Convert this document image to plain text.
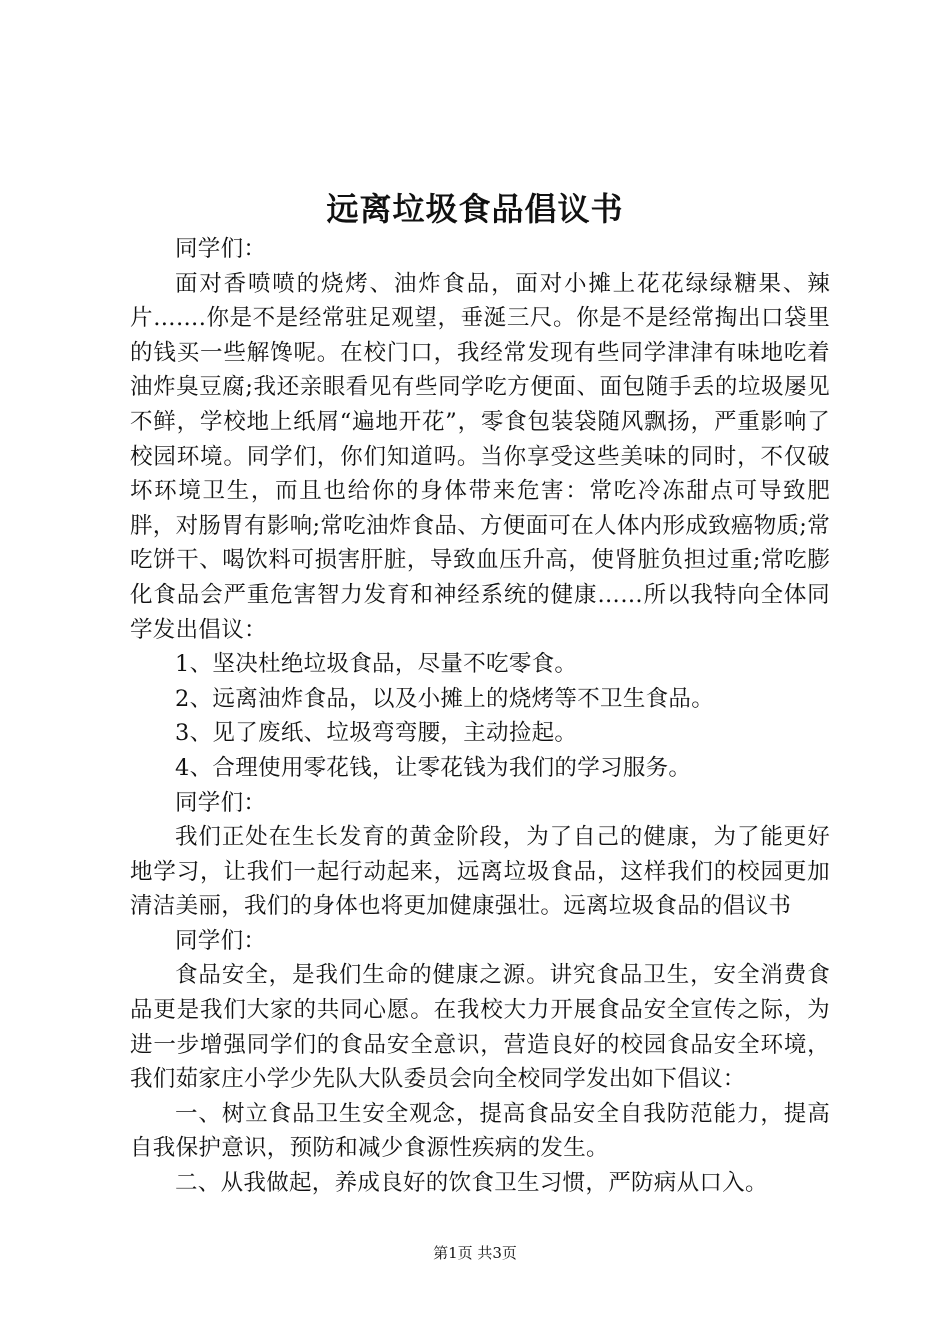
远离垃圾食品倡议书

同学们：

面对香喷喷的烧烤、油炸食品，面对小摊上花花绿绿糖果、辣片…….你是不是经常驻足观望，垂涎三尺。你是不是经常掏出口袋里的钱买一些解馋呢。在校门口，我经常发现有些同学津津有味地吃着油炸臭豆腐;我还亲眼看见有些同学吃方便面、面包随手丢的垃圾屡见不鲜，学校地上纸屑“遍地开花”，零食包装袋随风飘扬，严重影响了校园环境。同学们，你们知道吗。当你享受这些美味的同时，不仅破坏环境卫生，而且也给你的身体带来危害：常吃冷冻甜点可导致肥胖，对肠胃有影响;常吃油炸食品、方便面可在人体内形成致癌物质;常吃饼干、喝饮料可损害肝脏，导致血压升高，使肾脏负担过重;常吃膨化食品会严重危害智力发育和神经系统的健康……所以我特向全体同学发出倡议：

1、坚决杜绝垃圾食品，尽量不吃零食。

2、远离油炸食品，以及小摊上的烧烤等不卫生食品。

3、见了废纸、垃圾弯弯腰，主动捡起。

4、合理使用零花钱，让零花钱为我们的学习服务。

同学们：

我们正处在生长发育的黄金阶段，为了自己的健康，为了能更好地学习，让我们一起行动起来，远离垃圾食品，这样我们的校园更加清洁美丽，我们的身体也将更加健康强壮。远离垃圾食品的倡议书

同学们：

食品安全，是我们生命的健康之源。讲究食品卫生，安全消费食品更是我们大家的共同心愿。在我校大力开展食品安全宣传之际，为进一步增强同学们的食品安全意识，营造良好的校园食品安全环境，我们茹家庄小学少先队大队委员会向全校同学发出如下倡议：

一、树立食品卫生安全观念，提高食品安全自我防范能力，提高自我保护意识，预防和减少食源性疾病的发生。

二、从我做起，养成良好的饮食卫生习惯，严防病从口入。

第1页 共3页
